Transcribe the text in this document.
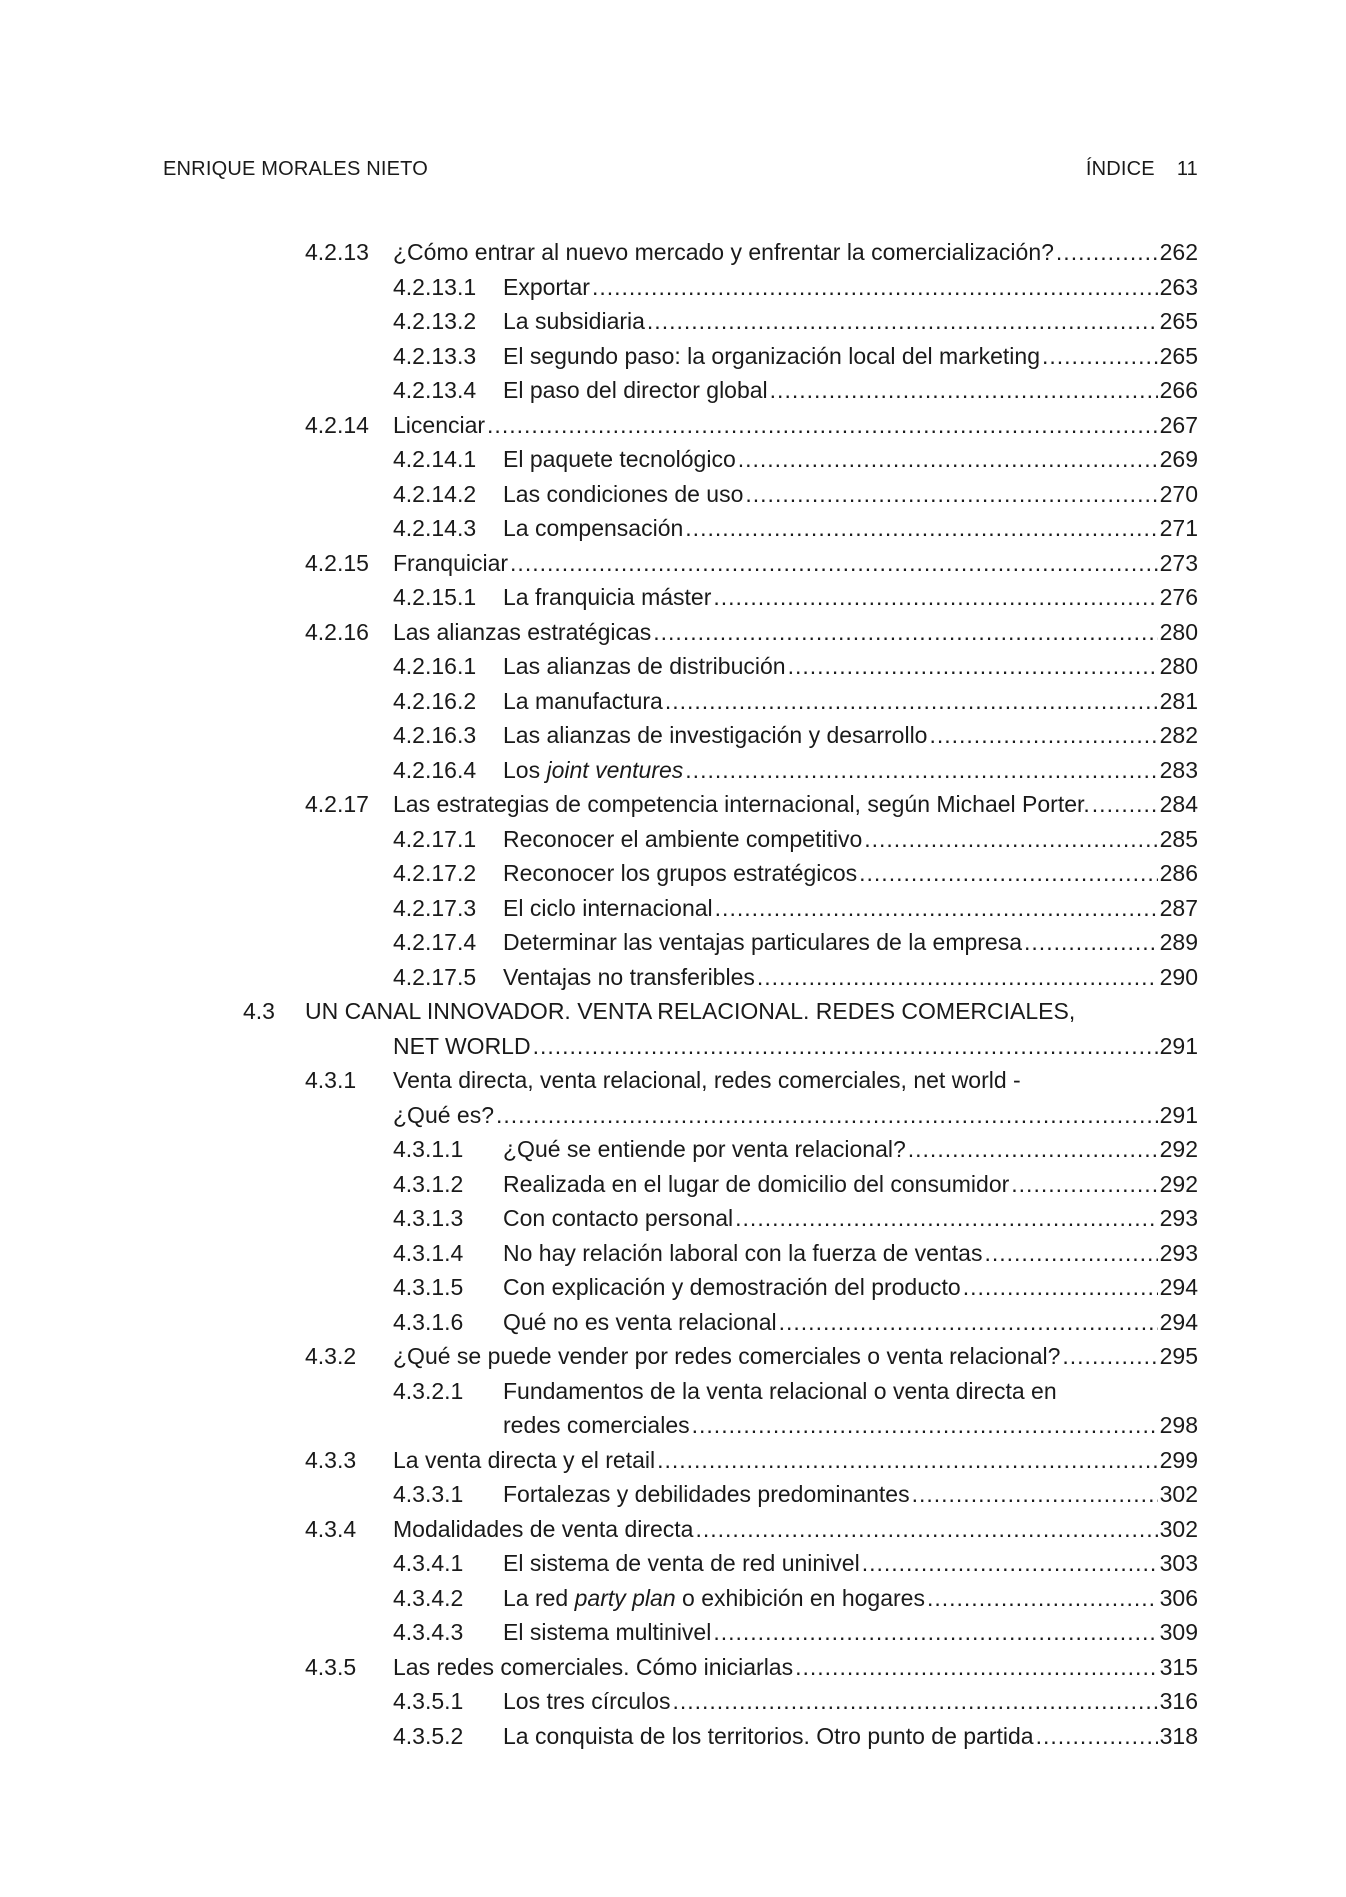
ENRIQUE MORALES NIETO	ÍNDICE 11
4.2.13 ¿Cómo entrar al nuevo mercado y enfrentar la comercialización? .....	262
4.2.13.1 Exportar .....	263
4.2.13.2 La subsidiaria .....	265
4.2.13.3 El segundo paso: la organización local del marketing .....	265
4.2.13.4 El paso del director global .....	266
4.2.14 Licenciar .....	267
4.2.14.1 El paquete tecnológico .....	269
4.2.14.2 Las condiciones de uso .....	270
4.2.14.3 La compensación .....	271
4.2.15 Franquiciar .....	273
4.2.15.1 La franquicia máster .....	276
4.2.16 Las alianzas estratégicas .....	280
4.2.16.1 Las alianzas de distribución .....	280
4.2.16.2 La manufactura .....	281
4.2.16.3 Las alianzas de investigación y desarrollo .....	282
4.2.16.4 Los joint ventures .....	283
4.2.17 Las estrategias de competencia internacional, según Michael Porter. .....	284
4.2.17.1 Reconocer el ambiente competitivo .....	285
4.2.17.2 Reconocer los grupos estratégicos .....	286
4.2.17.3 El ciclo internacional .....	287
4.2.17.4 Determinar las ventajas particulares de la empresa .....	289
4.2.17.5 Ventajas no transferibles .....	290
4.3 UN CANAL INNOVADOR. VENTA RELACIONAL. REDES COMERCIALES,
NET WORLD .....	291
4.3.1 Venta directa, venta relacional, redes comerciales, net world -
¿Qué es? .....	291
4.3.1.1 ¿Qué se entiende por venta relacional? .....	292
4.3.1.2 Realizada en el lugar de domicilio del consumidor .....	292
4.3.1.3 Con contacto personal .....	293
4.3.1.4 No hay relación laboral con la fuerza de ventas .....	293
4.3.1.5 Con explicación y demostración del producto .....	294
4.3.1.6 Qué no es venta relacional .....	294
4.3.2 ¿Qué se puede vender por redes comerciales o venta relacional? .....	295
4.3.2.1 Fundamentos de la venta relacional o venta directa en
redes comerciales .....	298
4.3.3 La venta directa y el retail .....	299
4.3.3.1 Fortalezas y debilidades predominantes .....	302
4.3.4 Modalidades de venta directa .....	302
4.3.4.1 El sistema de venta de red uninivel .....	303
4.3.4.2 La red party plan o exhibición en hogares .....	306
4.3.4.3 El sistema multinivel .....	309
4.3.5 Las redes comerciales. Cómo iniciarlas .....	315
4.3.5.1 Los tres círculos .....	316
4.3.5.2 La conquista de los territorios. Otro punto de partida .....	318
